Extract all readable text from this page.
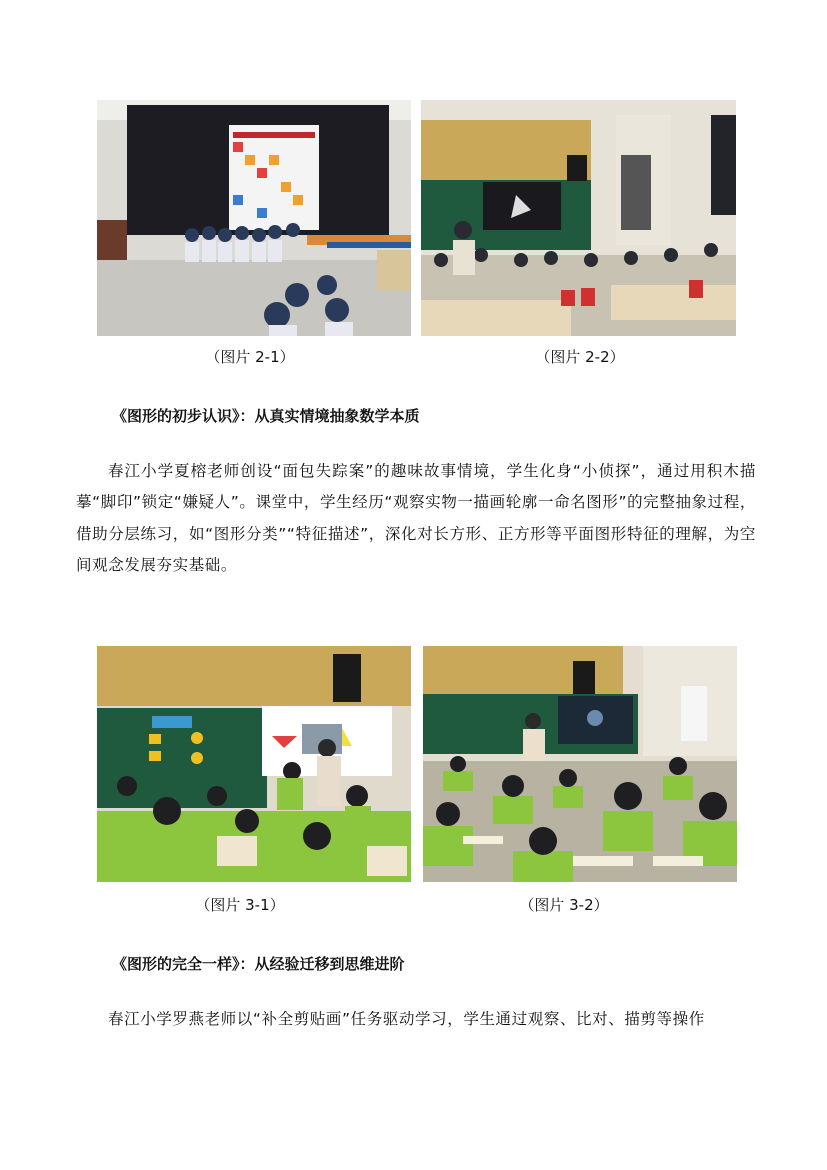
（图片 2-1）	（图片 2-2）
《图形的初步认识》：从真实情境抽象数学本质
春江小学夏榕老师创设“面包失踪案”的趣味故事情境，学生化身“小侦探”，通过用积木描摹“脚印”锁定“嫌疑人”。课堂中，学生经历“观察实物一描画轮廓一命名图形”的完整抽象过程，借助分层练习，如“图形分类”“特征描述”，深化对长方形、正方形等平面图形特征的理解，为空间观念发展夯实基础。
（图片 3-1）	（图片 3-2）
《图形的完全一样》：从经验迁移到思维进阶
春江小学罗燕老师以“补全剪贴画”任务驱动学习，学生通过观察、比对、描剪等操作
